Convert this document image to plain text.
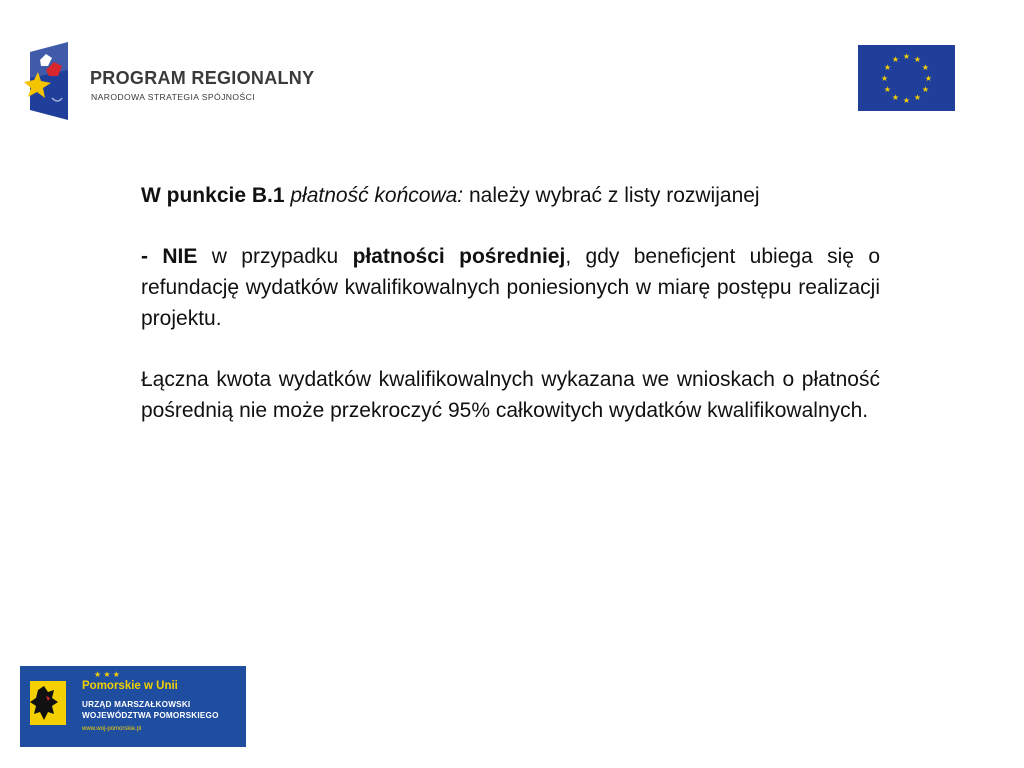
PROGRAM REGIONALNY
NARODOWA STRATEGIA SPÓJNOŚCI
★ ★
★
★
★
★
★
★
★
★
★
★

W punkcie B.1 płatność końcowa: należy wybrać z listy rozwijanej

- NIE w przypadku płatności pośredniej, gdy beneficjent ubiega się o refundację wydatków kwalifikowalnych poniesionych w miarę postępu realizacji projektu.

Łączna kwota wydatków kwalifikowalnych wykazana we wnioskach o płatność pośrednią nie może przekroczyć 95% całkowitych wydatków kwalifikowalnych.

★ ★ ★
Pomorskie w Unii
URZĄD MARSZAŁKOWSKI
WOJEWÓDZTWA POMORSKIEGO
www.woj-pomorskie.pl
